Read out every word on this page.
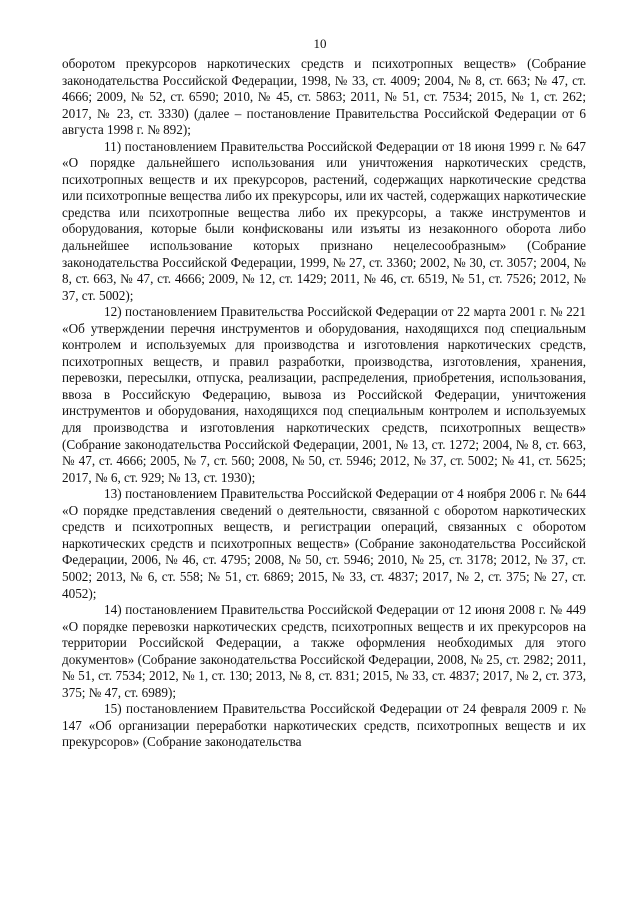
10

оборотом прекурсоров наркотических средств и психотропных веществ» (Собрание законодательства Российской Федерации, 1998, № 33, ст. 4009; 2004, № 8, ст. 663; № 47, ст. 4666; 2009, № 52, ст. 6590; 2010, № 45, ст. 5863; 2011, № 51, ст. 7534; 2015, № 1, ст. 262; 2017, № 23, ст. 3330) (далее – постановление Правительства Российской Федерации от 6 августа 1998 г. № 892);

11) постановлением Правительства Российской Федерации от 18 июня 1999 г. № 647 «О порядке дальнейшего использования или уничтожения наркотических средств, психотропных веществ и их прекурсоров, растений, содержащих наркотические средства или психотропные вещества либо их прекурсоры, или их частей, содержащих наркотические средства или психотропные вещества либо их прекурсоры, а также инструментов и оборудования, которые были конфискованы или изъяты из незаконного оборота либо дальнейшее использование которых признано нецелесообразным» (Собрание законодательства Российской Федерации, 1999, № 27, ст. 3360; 2002, № 30, ст. 3057; 2004, № 8, ст. 663, № 47, ст. 4666; 2009, № 12, ст. 1429; 2011, № 46, ст. 6519, № 51, ст. 7526; 2012, № 37, ст. 5002);

12) постановлением Правительства Российской Федерации от 22 марта 2001 г. № 221 «Об утверждении перечня инструментов и оборудования, находящихся под специальным контролем и используемых для производства и изготовления наркотических средств, психотропных веществ, и правил разработки, производства, изготовления, хранения, перевозки, пересылки, отпуска, реализации, распределения, приобретения, использования, ввоза в Российскую Федерацию, вывоза из Российской Федерации, уничтожения инструментов и оборудования, находящихся под специальным контролем и используемых для производства и изготовления наркотических средств, психотропных веществ» (Собрание законодательства Российской Федерации, 2001, № 13, ст. 1272; 2004, № 8, ст. 663, № 47, ст. 4666; 2005, № 7, ст. 560; 2008, № 50, ст. 5946; 2012, № 37, ст. 5002; № 41, ст. 5625; 2017, № 6, ст. 929; № 13, ст. 1930);

13) постановлением Правительства Российской Федерации от 4 ноября 2006 г. № 644 «О порядке представления сведений о деятельности, связанной с оборотом наркотических средств и психотропных веществ, и регистрации операций, связанных с оборотом наркотических средств и психотропных веществ» (Собрание законодательства Российской Федерации, 2006, № 46, ст. 4795; 2008, № 50, ст. 5946; 2010, № 25, ст. 3178; 2012, № 37, ст. 5002; 2013, № 6, ст. 558; № 51, ст. 6869; 2015, № 33, ст. 4837; 2017, № 2, ст. 375; № 27, ст. 4052);

14) постановлением Правительства Российской Федерации от 12 июня 2008 г. № 449 «О порядке перевозки наркотических средств, психотропных веществ и их прекурсоров на территории Российской Федерации, а также оформления необходимых для этого документов» (Собрание законодательства Российской Федерации, 2008, № 25, ст. 2982; 2011, № 51, ст. 7534; 2012, № 1, ст. 130; 2013, № 8, ст. 831; 2015, № 33, ст. 4837; 2017, № 2, ст. 373, 375; № 47, ст. 6989);

15) постановлением Правительства Российской Федерации от 24 февраля 2009 г. № 147 «Об организации переработки наркотических средств, психотропных веществ и их прекурсоров» (Собрание законодательства
